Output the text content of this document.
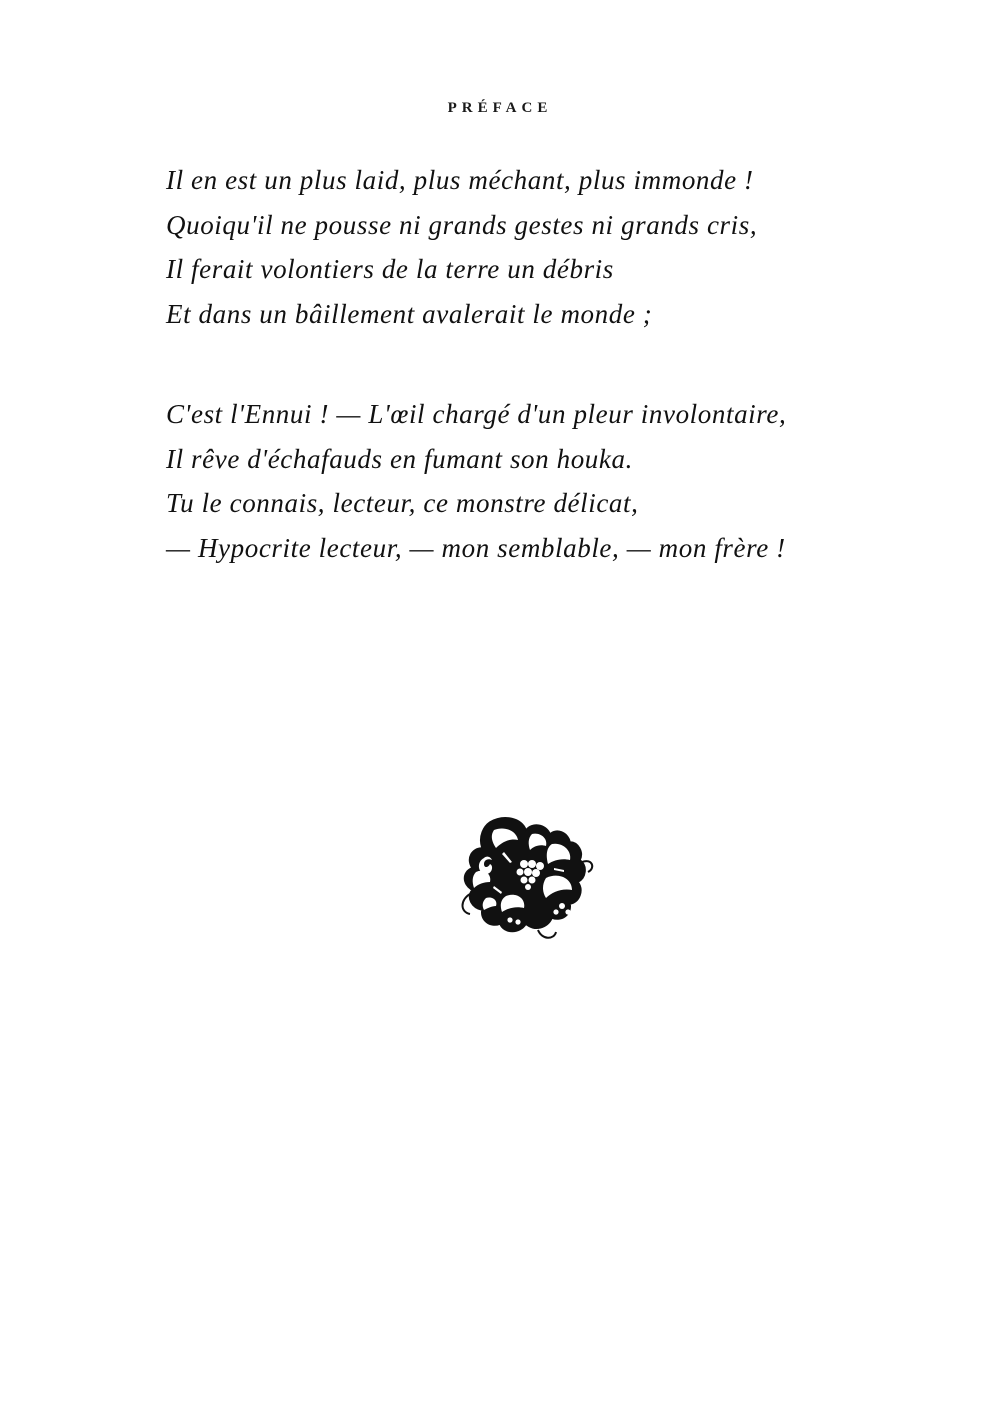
PRÉFACE
Il en est un plus laid, plus méchant, plus immonde !
Quoiqu'il ne pousse ni grands gestes ni grands cris,
Il ferait volontiers de la terre un débris
Et dans un bâillement avalerait le monde ;
C'est l'Ennui ! — L'œil chargé d'un pleur involontaire,
Il rêve d'échafauds en fumant son houka.
Tu le connais, lecteur, ce monstre délicat,
— Hypocrite lecteur, — mon semblable, — mon frère !
